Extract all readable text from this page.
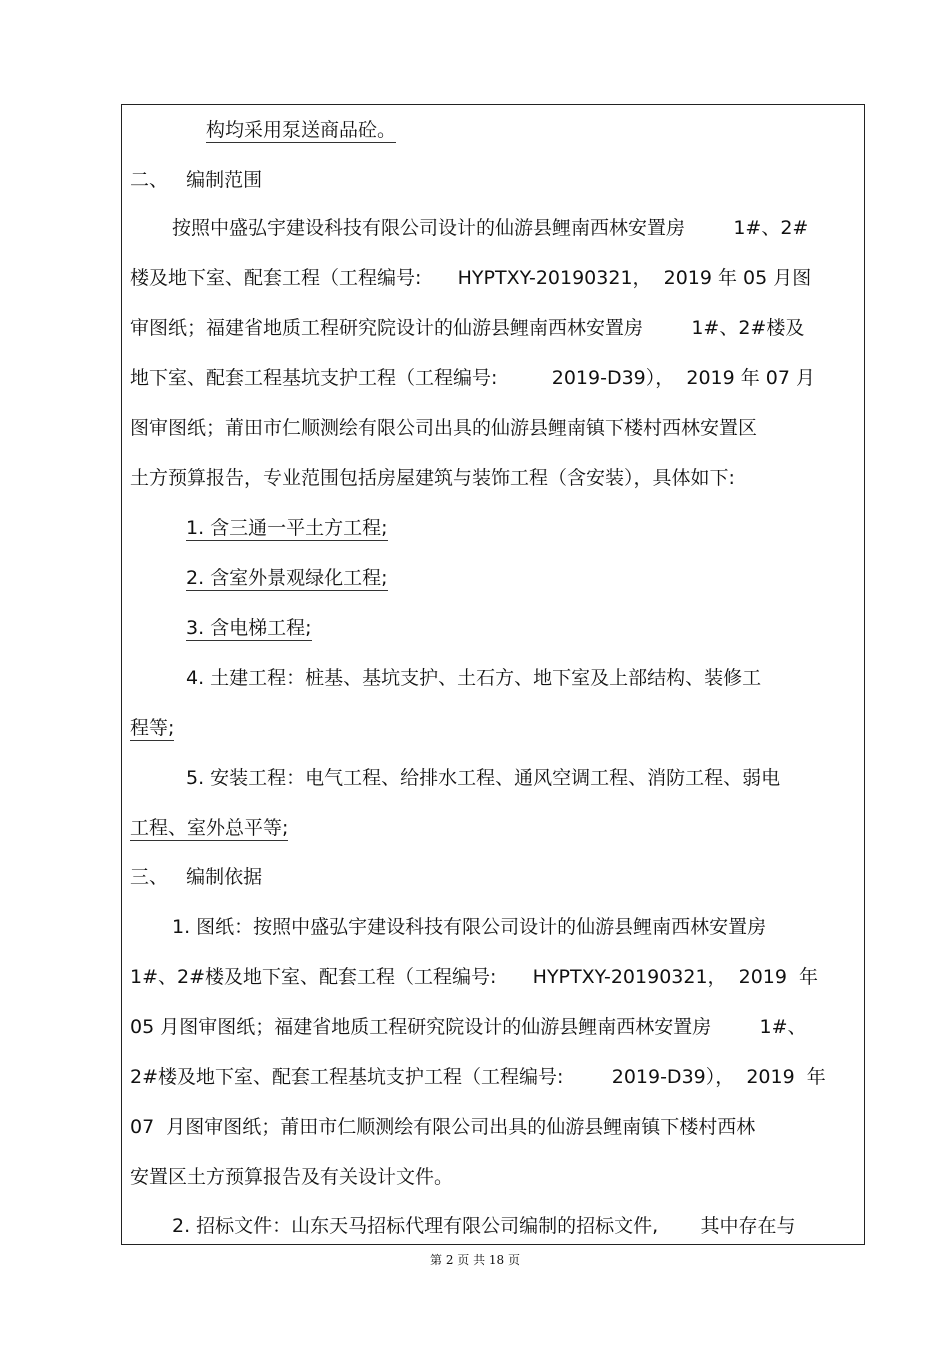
构均采用泵送商品砼。
二、   编制范围
按照中盛弘宇建设科技有限公司设计的仙游县鲤南西林安置房        1#、2#
楼及地下室、配套工程（工程编号:      HYPTXY-20190321，  2019 年 05 月图
审图纸；福建省地质工程研究院设计的仙游县鲤南西林安置房        1#、2#楼及
地下室、配套工程基坑支护工程（工程编号:         2019-D39），  2019 年 07 月
图审图纸；莆田市仁顺测绘有限公司出具的仙游县鲤南镇下楼村西林安置区
土方预算报告，专业范围包括房屋建筑与装饰工程（含安装），具体如下:
1. 含三通一平土方工程;
2. 含室外景观绿化工程;
3. 含电梯工程;
4. 土建工程：桩基、基坑支护、土石方、地下室及上部结构、装修工
程等;
5. 安装工程：电气工程、给排水工程、通风空调工程、消防工程、弱电
工程、室外总平等;
三、   编制依据
1. 图纸：按照中盛弘宇建设科技有限公司设计的仙游县鲤南西林安置房
1#、2#楼及地下室、配套工程（工程编号:      HYPTXY-20190321，  2019  年
05 月图审图纸；福建省地质工程研究院设计的仙游县鲤南西林安置房        1#、
2#楼及地下室、配套工程基坑支护工程（工程编号:        2019-D39），  2019  年
07  月图审图纸；莆田市仁顺测绘有限公司出具的仙游县鲤南镇下楼村西林
安置区土方预算报告及有关设计文件。
2. 招标文件：山东天马招标代理有限公司编制的招标文件,       其中存在与
第 2 页 共 18 页
